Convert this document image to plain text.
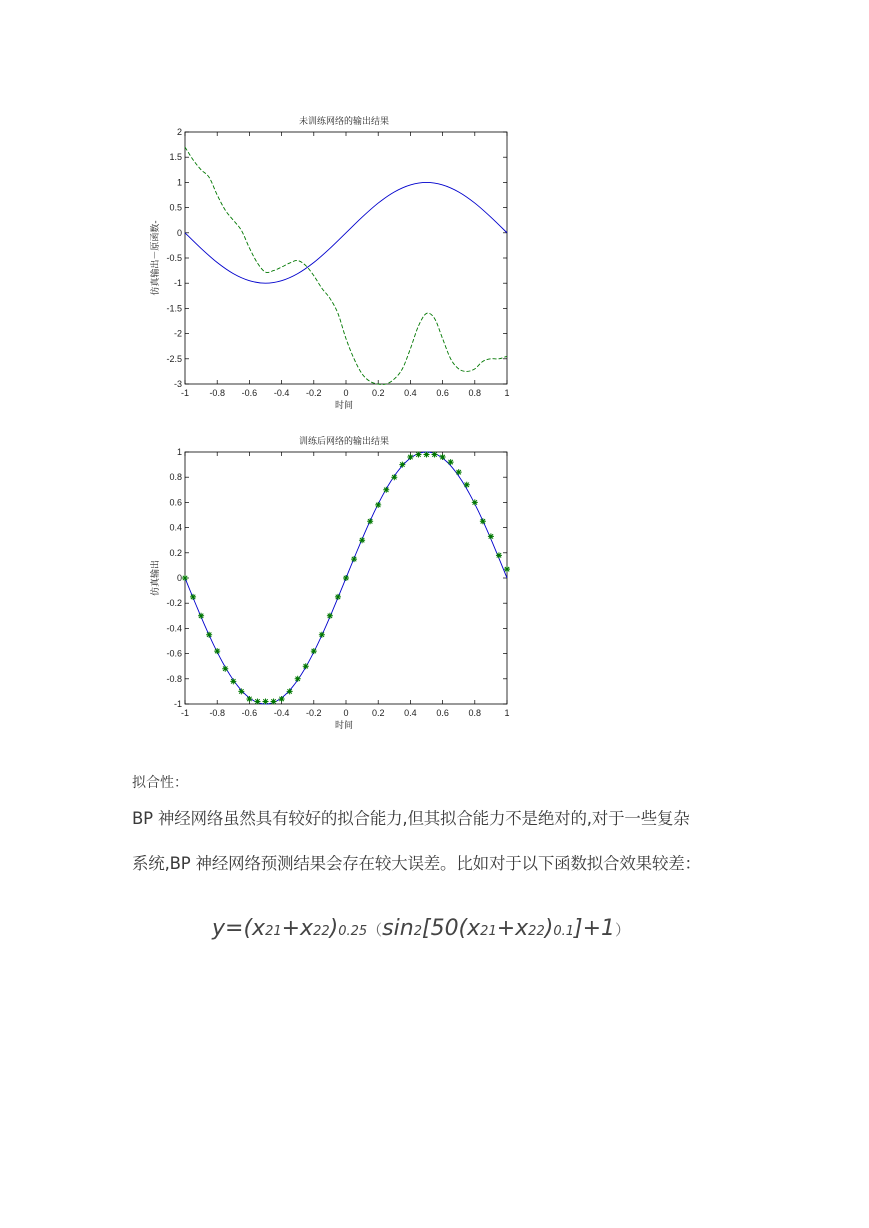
未训练网络的输出结果
-1 -0.8 -0.6 -0.4 -0.2 0	0.2 0.4 0.6 0.8	1
2
1.5
1
0.5
0
-0.5
-1
-1.5
-2
-2.5
-3
时间
仿真输出－原函数-
训练后网络的输出结果
-1 -0.8 -0.6 -0.4 -0.2 0	0.2 0.4 0.6 0.8	1
1
0.8
0.6
0.4
0.2
0
-0.2
-0.4
-0.6
-0.8
-1
时间
仿真输出
拟合性：
BP 神经网络虽然具有较好的拟合能力,但其拟合能力不是绝对的,对于一些复杂
系统,BP 神经网络预测结果会存在较大误差。比如对于以下函数拟合效果较差：
y=(x21+x22)0.25（sin2[50(x21+x22)0.1]+1）
